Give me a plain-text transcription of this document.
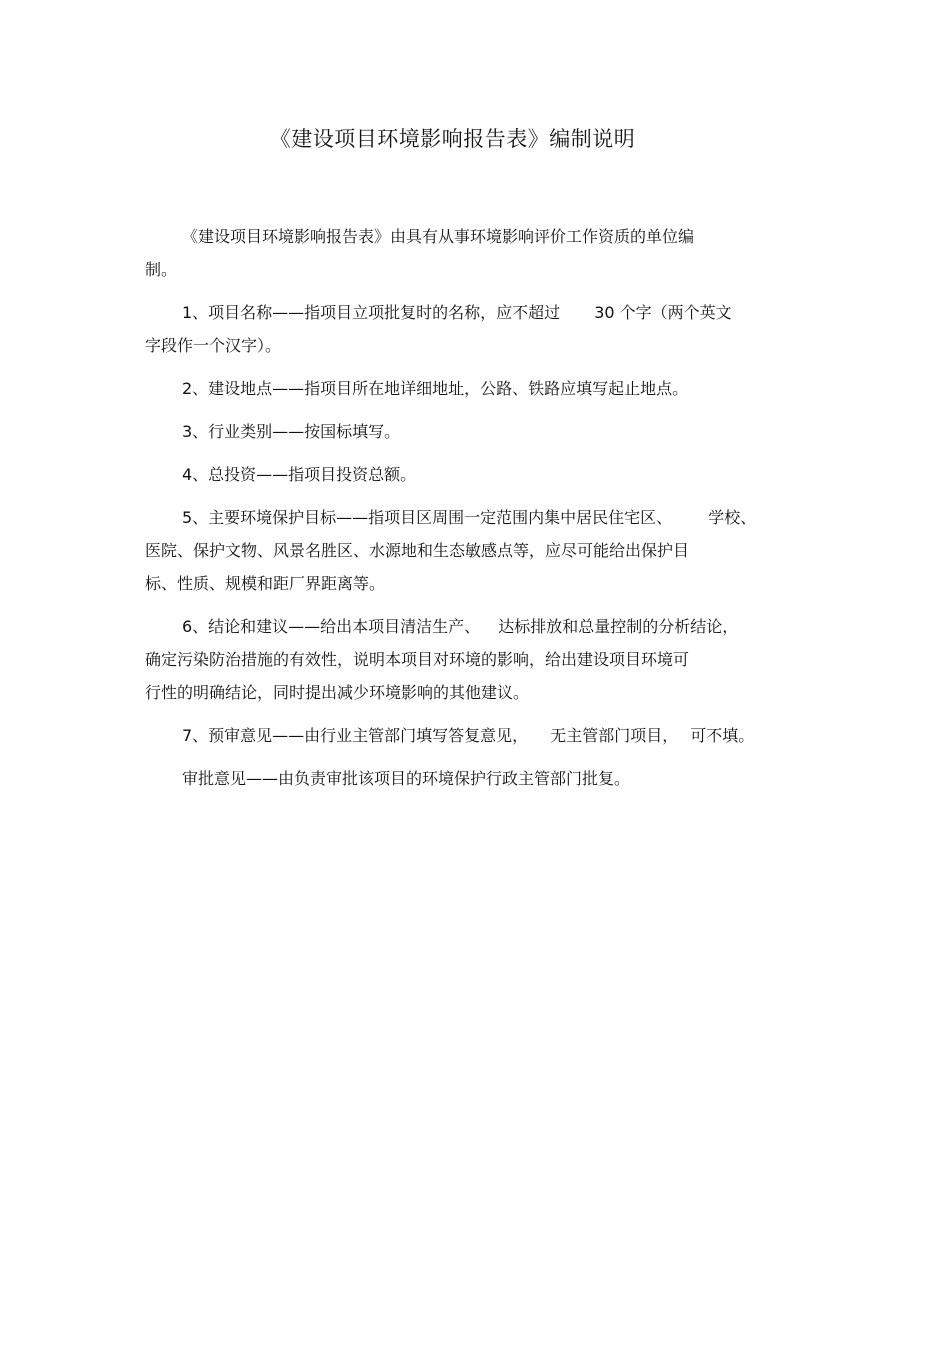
《建设项目环境影响报告表》编制说明

《建设项目环境影响报告表》由具有从事环境影响评价工作资质的单位编
制。

1、项目名称——指项目立项批复时的名称，应不超过 30 个字（两个英文
字段作一个汉字）。

2、建设地点——指项目所在地详细地址，公路、铁路应填写起止地点。

3、行业类别——按国标填写。

4、总投资——指项目投资总额。

5、主要环境保护目标——指项目区周围一定范围内集中居民住宅区、 学校、
医院、保护文物、风景名胜区、水源地和生态敏感点等，应尽可能给出保护目
标、性质、规模和距厂界距离等。

6、结论和建议——给出本项目清洁生产、 达标排放和总量控制的分析结论，
确定污染防治措施的有效性，说明本项目对环境的影响，给出建设项目环境可
行性的明确结论，同时提出减少环境影响的其他建议。

7、预审意见——由行业主管部门填写答复意见， 无主管部门项目， 可不填。

审批意见——由负责审批该项目的环境保护行政主管部门批复。
